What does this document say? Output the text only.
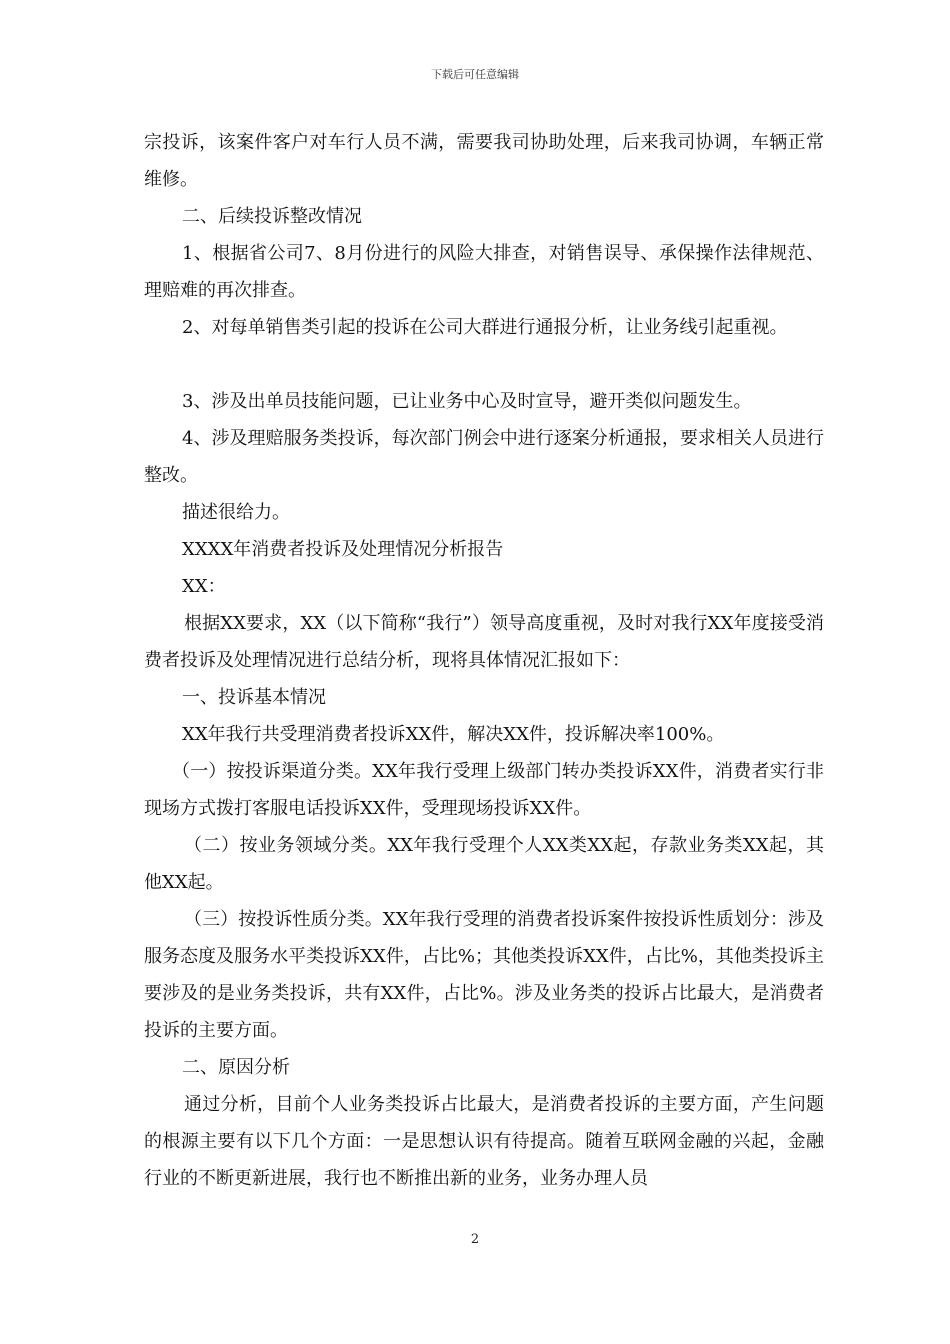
下载后可任意编辑

宗投诉，该案件客户对车行人员不满，需要我司协助处理，后来我司协调，车辆正常维修。

二、后续投诉整改情况

1、根据省公司7、8月份进行的风险大排查，对销售误导、承保操作法律规范、理赔难的再次排查。

2、对每单销售类引起的投诉在公司大群进行通报分析，让业务线引起重视。

3、涉及出单员技能问题，已让业务中心及时宣导，避开类似问题发生。

4、涉及理赔服务类投诉，每次部门例会中进行逐案分析通报，要求相关人员进行整改。

描述很给力。

XXXX年消费者投诉及处理情况分析报告

XX：

根据XX要求，XX（以下简称“我行”）领导高度重视，及时对我行XX年度接受消费者投诉及处理情况进行总结分析，现将具体情况汇报如下：

一、投诉基本情况

XX年我行共受理消费者投诉XX件，解决XX件，投诉解决率100%。

（一）按投诉渠道分类。XX年我行受理上级部门转办类投诉XX件，消费者实行非现场方式拨打客服电话投诉XX件，受理现场投诉XX件。

（二）按业务领域分类。XX年我行受理个人XX类XX起，存款业务类XX起，其他XX起。

（三）按投诉性质分类。XX年我行受理的消费者投诉案件按投诉性质划分：涉及服务态度及服务水平类投诉XX件，占比%；其他类投诉XX件，占比%，其他类投诉主要涉及的是业务类投诉，共有XX件，占比%。涉及业务类的投诉占比最大，是消费者投诉的主要方面。

二、原因分析

通过分析，目前个人业务类投诉占比最大，是消费者投诉的主要方面，产生问题的根源主要有以下几个方面：一是思想认识有待提高。随着互联网金融的兴起，金融行业的不断更新进展，我行也不断推出新的业务，业务办理人员

2
